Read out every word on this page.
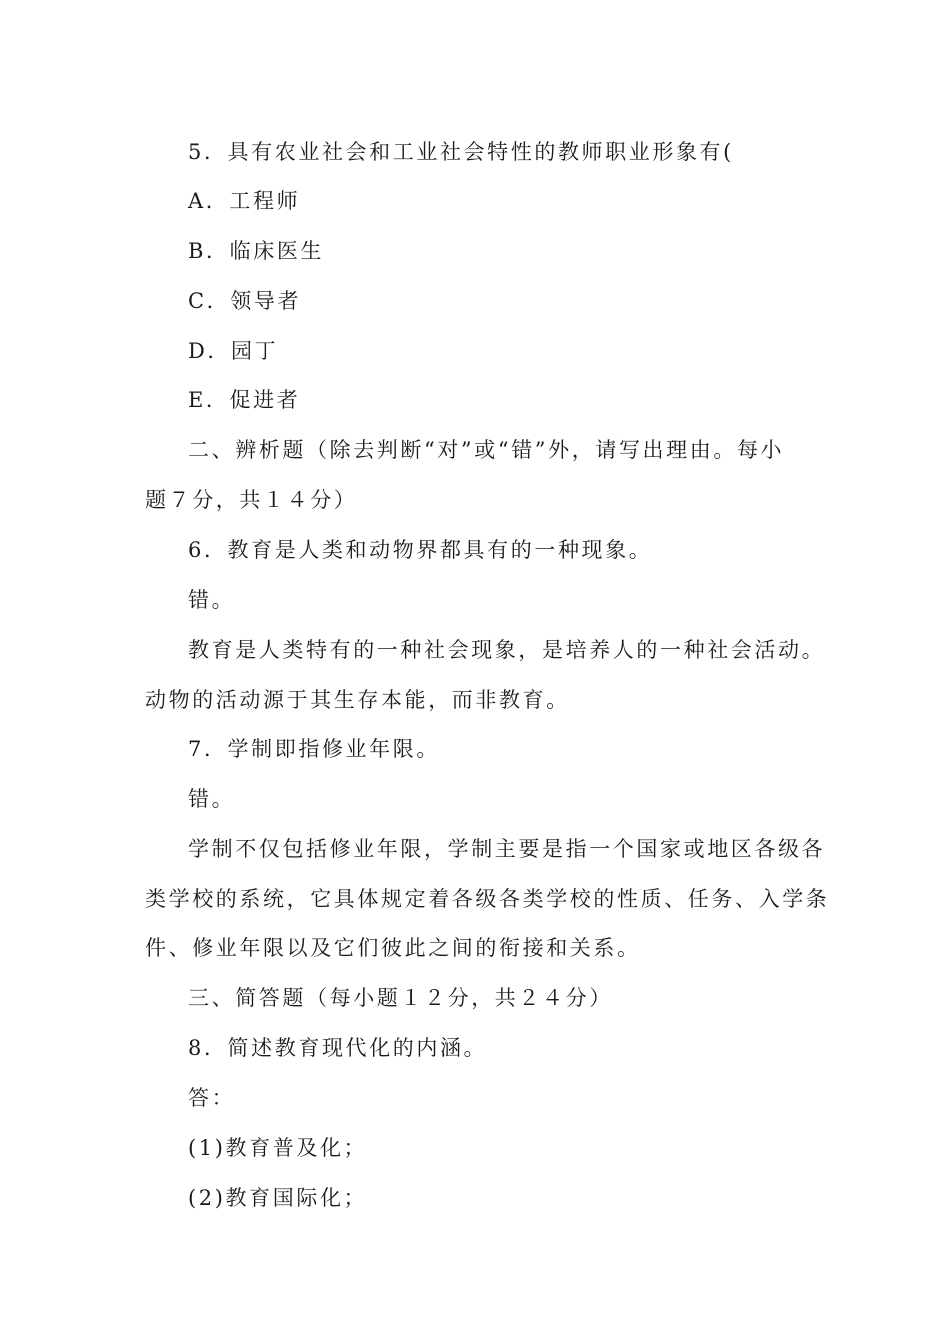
5．具有农业社会和工业社会特性的教师职业形象有(
A．工程师
B．临床医生
C．领导者
D．园丁
E．促进者
二、辨析题（除去判断“对”或“错”外，请写出理由。每小
题７分，共１４分）
6．教育是人类和动物界都具有的一种现象。
错。
教育是人类特有的一种社会现象，是培养人的一种社会活动。
动物的活动源于其生存本能，而非教育。
7．学制即指修业年限。
错。
学制不仅包括修业年限，学制主要是指一个国家或地区各级各
类学校的系统，它具体规定着各级各类学校的性质、任务、入学条
件、修业年限以及它们彼此之间的衔接和关系。
三、简答题（每小题１２分，共２４分）
8．简述教育现代化的内涵。
答：
(1)教育普及化；
(2)教育国际化；
